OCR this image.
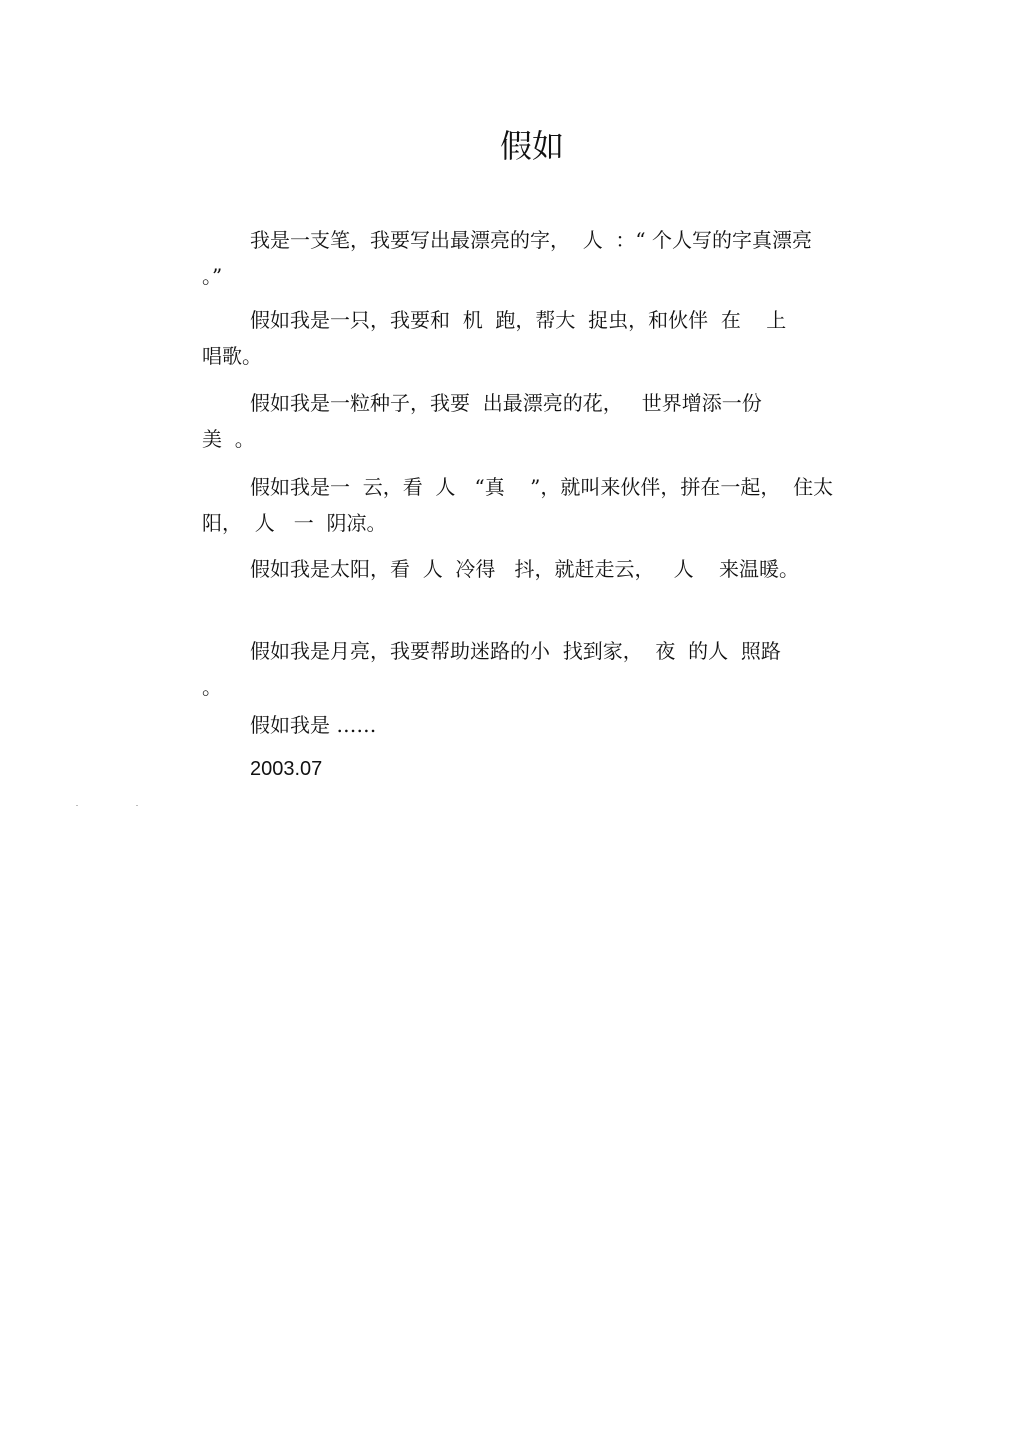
假如
我是一支笔，我要写出最漂亮的字，  人  ：“ 个人写的字真漂亮
。”
假如我是一只，我要和  机  跑，帮大  捉虫，和伙伴  在    上
唱歌。
假如我是一粒种子，我要  出最漂亮的花，   世界增添一份
美  。
假如我是一  云，看  人   “真    ”，就叫来伙伴，拼在一起，  住太
阳，  人   一  阴凉。
假如我是太阳，看  人  冷得   抖，就赶走云，   人    来温暖。
假如我是月亮，我要帮助迷路的小  找到家，  夜  的人  照路
。
假如我是 ……
2003.07
